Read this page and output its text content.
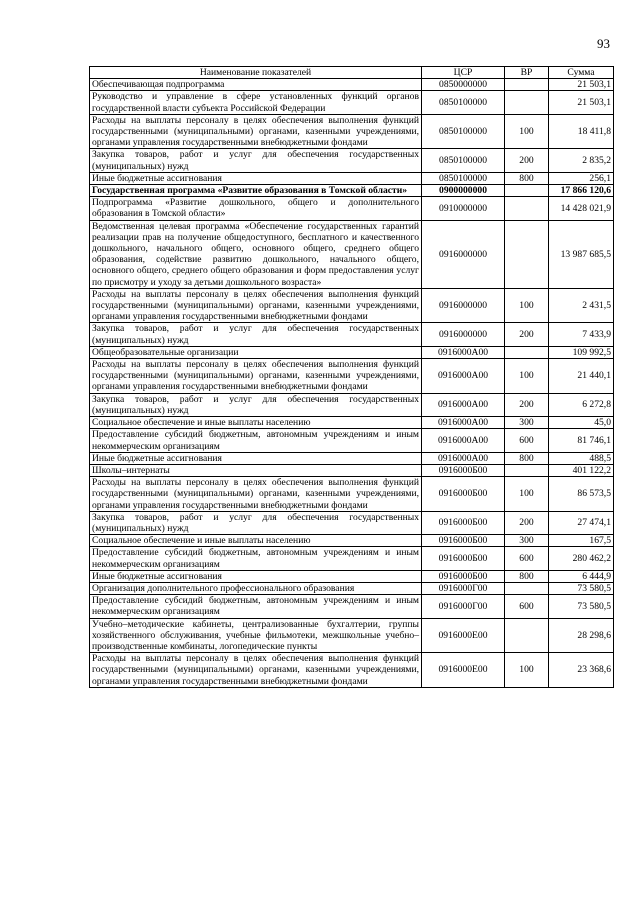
93
Наименование показателей	ЦСР	ВР	Сумма
Обеспечивающая подпрограмма	0850000000		21 503,1
Руководство и управление в сфере установленных функций органов государственной власти субъекта Российской Федерации	0850100000		21 503,1
Расходы на выплаты персоналу в целях обеспечения выполнения функций государственными (муниципальными) органами, казенными учреждениями, органами управления государственными внебюджетными фондами	0850100000	100	18 411,8
Закупка товаров, работ и услуг для обеспечения государственных (муниципальных) нужд	0850100000	200	2 835,2
Иные бюджетные ассигнования	0850100000	800	256,1
Государственная программа «Развитие образования в Томской области»	0900000000		17 866 120,6
Подпрограмма «Развитие дошкольного, общего и дополнительного образования в Томской области»	0910000000		14 428 021,9
Ведомственная целевая программа «Обеспечение государственных гарантий реализации прав на получение общедоступного, бесплатного и качественного дошкольного, начального общего, основного общего, среднего общего образования, содействие развитию дошкольного, начального общего, основного общего, среднего общего образования и форм предоставления услуг по присмотру и уходу за детьми дошкольного возраста»	0916000000		13 987 685,5
Расходы на выплаты персоналу в целях обеспечения выполнения функций государственными (муниципальными) органами, казенными учреждениями, органами управления государственными внебюджетными фондами	0916000000	100	2 431,5
Закупка товаров, работ и услуг для обеспечения государственных (муниципальных) нужд	0916000000	200	7 433,9
Общеобразовательные организации	0916000А00		109 992,5
Расходы на выплаты персоналу в целях обеспечения выполнения функций государственными (муниципальными) органами, казенными учреждениями, органами управления государственными внебюджетными фондами	0916000А00	100	21 440,1
Закупка товаров, работ и услуг для обеспечения государственных (муниципальных) нужд	0916000А00	200	6 272,8
Социальное обеспечение и иные выплаты населению	0916000А00	300	45,0
Предоставление субсидий бюджетным, автономным учреждениям и иным некоммерческим организациям	0916000А00	600	81 746,1
Иные бюджетные ассигнования	0916000А00	800	488,5
Школы–интернаты	0916000Б00		401 122,2
Расходы на выплаты персоналу в целях обеспечения выполнения функций государственными (муниципальными) органами, казенными учреждениями, органами управления государственными внебюджетными фондами	0916000Б00	100	86 573,5
Закупка товаров, работ и услуг для обеспечения государственных (муниципальных) нужд	0916000Б00	200	27 474,1
Социальное обеспечение и иные выплаты населению	0916000Б00	300	167,5
Предоставление субсидий бюджетным, автономным учреждениям и иным некоммерческим организациям	0916000Б00	600	280 462,2
Иные бюджетные ассигнования	0916000Б00	800	6 444,9
Организация дополнительного профессионального образования	0916000Г00		73 580,5
Предоставление субсидий бюджетным, автономным учреждениям и иным некоммерческим организациям	0916000Г00	600	73 580,5
Учебно–методические кабинеты, централизованные бухгалтерии, группы хозяйственного обслуживания, учебные фильмотеки, межшкольные учебно–производственные комбинаты, логопедические пункты	0916000Е00		28 298,6
Расходы на выплаты персоналу в целях обеспечения выполнения функций государственными (муниципальными) органами, казенными учреждениями, органами управления государственными внебюджетными фондами	0916000Е00	100	23 368,6
